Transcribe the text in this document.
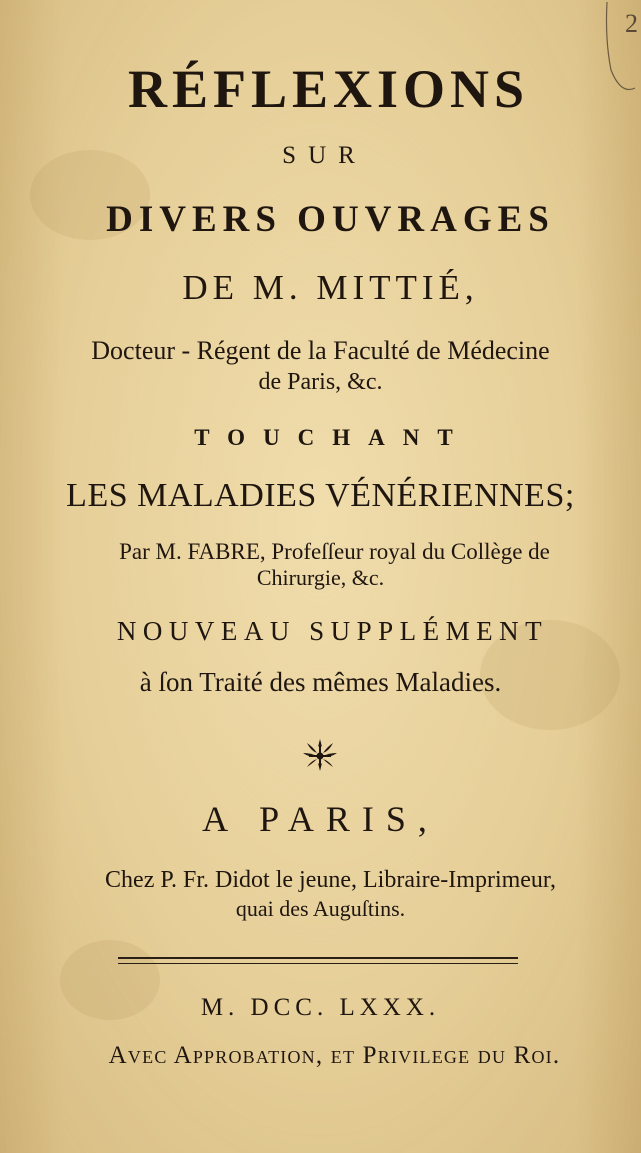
2
RÉFLEXIONS
SUR
DIVERS OUVRAGES
DE M. MITTIÉ,
Docteur - Régent de la Faculté de Médecine
de Paris, &c.
TOUCHANT
LES MALADIES VÉNÉRIENNES;
Par M. FABRE, Profeſſeur royal du Collège de
Chirurgie, &c.
NOUVEAU SUPPLÉMENT
à ſon Traité des mêmes Maladies.
A PARIS,
Chez P. Fr. Didot le jeune, Libraire-Imprimeur,
quai des Auguſtins.
M. DCC. LXXX.
Avec Approbation, et Privilege du Roi.
